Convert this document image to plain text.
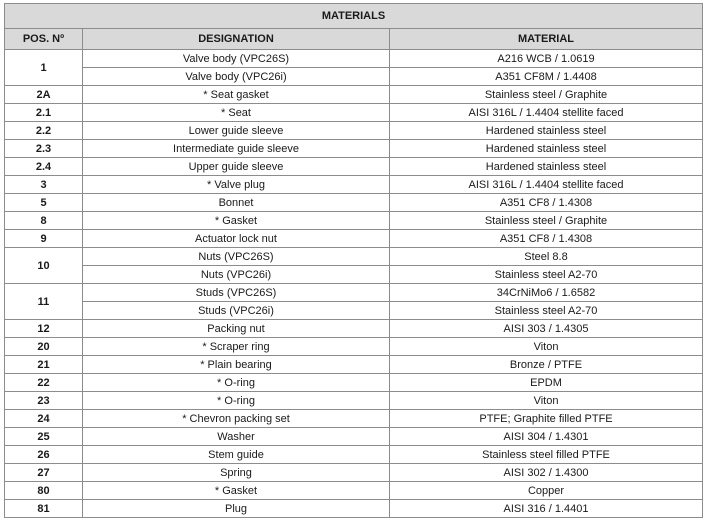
MATERIALS		
POS. Nº	DESIGNATION	MATERIAL
1	Valve body (VPC26S)	A216 WCB / 1.0619
	Valve body (VPC26i)	A351 CF8M / 1.4408
2A	* Seat gasket	Stainless steel / Graphite
2.1	* Seat	AISI 316L / 1.4404 stellite faced
2.2	Lower guide sleeve	Hardened stainless steel
2.3	Intermediate guide sleeve	Hardened stainless steel
2.4	Upper guide sleeve	Hardened stainless steel
3	* Valve plug	AISI 316L / 1.4404 stellite faced
5	Bonnet	A351 CF8 / 1.4308
8	* Gasket	Stainless steel / Graphite
9	Actuator lock nut	A351 CF8 / 1.4308
10	Nuts (VPC26S)	Steel 8.8
	Nuts (VPC26i)	Stainless steel A2-70
11	Studs (VPC26S)	34CrNiMo6 / 1.6582
	Studs (VPC26i)	Stainless steel A2-70
12	Packing nut	AISI 303 / 1.4305
20	* Scraper ring	Viton
21	* Plain bearing	Bronze / PTFE
22	* O-ring	EPDM
23	* O-ring	Viton
24	* Chevron packing set	PTFE; Graphite filled PTFE
25	Washer	AISI 304 / 1.4301
26	Stem guide	Stainless steel filled PTFE
27	Spring	AISI 302 / 1.4300
80	* Gasket	Copper
81	Plug	AISI 316 / 1.4401
